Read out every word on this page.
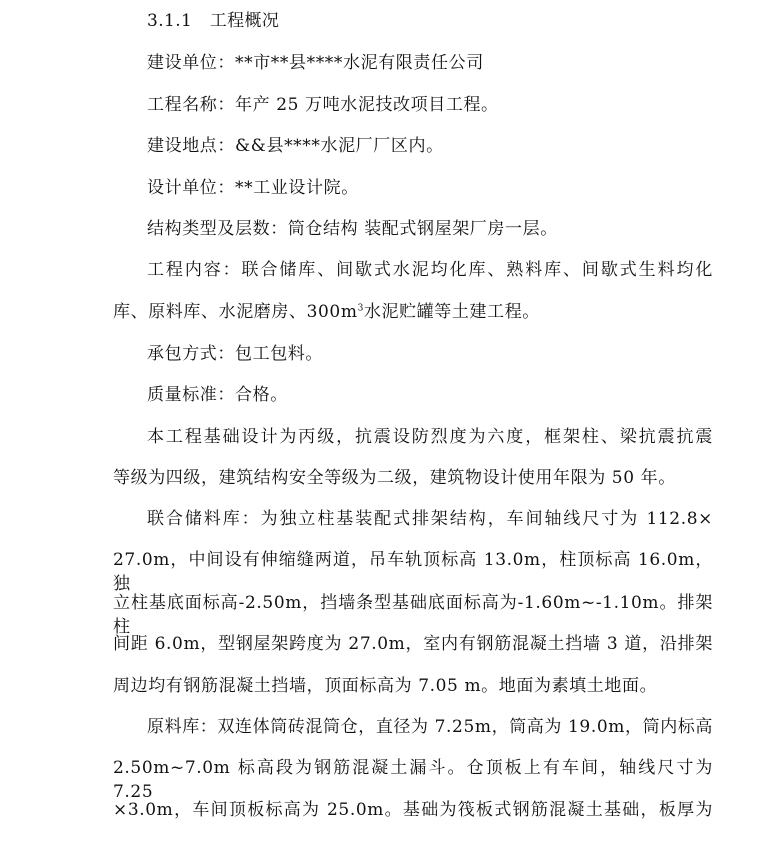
3.1.1 工程概况
建设单位：**市**县****水泥有限责任公司
工程名称：年产 25 万吨水泥技改项目工程。
建设地点：&&县****水泥厂厂区内。
设计单位：**工业设计院。
结构类型及层数：筒仓结构 装配式钢屋架厂房一层。
工程内容：联合储库、间歇式水泥均化库、熟料库、间歇式生料均化
库、原料库、水泥磨房、$300m^3$水泥贮罐等土建工程。
承包方式：包工包料。
质量标准：合格。
本工程基础设计为丙级，抗震设防烈度为六度，框架柱、梁抗震抗震
等级为四级，建筑结构安全等级为二级，建筑物设计使用年限为 50 年。
联合储料库：为独立柱基装配式排架结构，车间轴线尺寸为 112.8×
27.0m，中间设有伸缩缝两道，吊车轨顶标高 13.0m，柱顶标高 16.0m，独
立柱基底面标高-2.50m，挡墙条型基础底面标高为-1.60m~-1.10m。排架柱
间距 6.0m，型钢屋架跨度为 27.0m，室内有钢筋混凝土挡墙 3 道，沿排架
周边均有钢筋混凝土挡墙，顶面标高为 7.05 m。地面为素填土地面。
原料库：双连体筒砖混筒仓，直径为 7.25m，筒高为 19.0m，筒内标高
2.50m~7.0m 标高段为钢筋混凝土漏斗。仓顶板上有车间，轴线尺寸为 7.25
×3.0m，车间顶板标高为 25.0m。基础为筏板式钢筋混凝土基础，板厚为
